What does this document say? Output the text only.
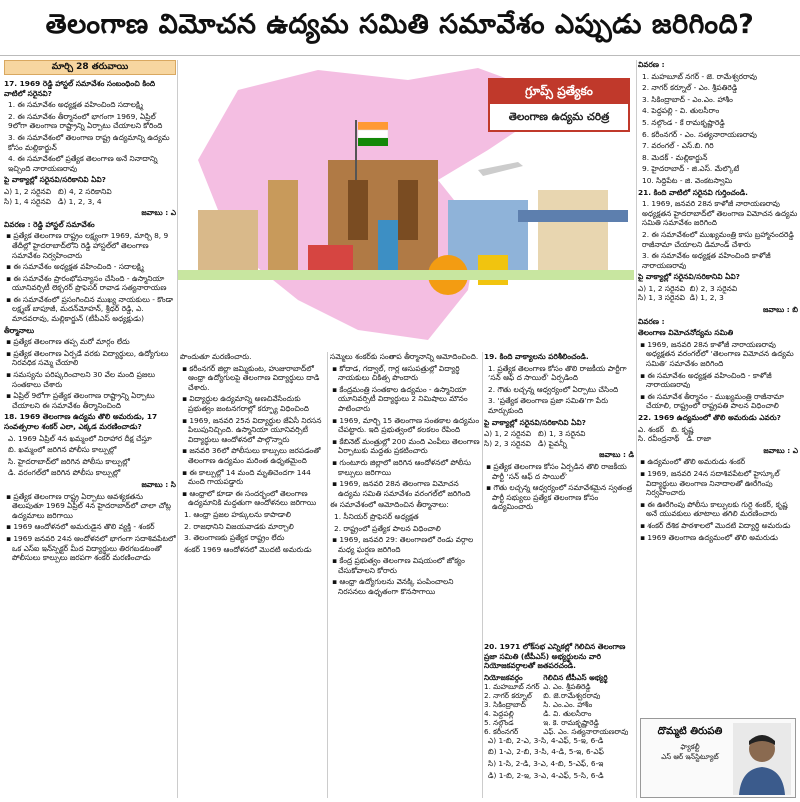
తెలంగాణ విమోచన ఉద్యమ సమితి సమావేశం ఎప్పుడు జరిగింది?
మార్చి 28 తరువాయి

17. 1969 రెడ్డి హాస్టల్ సమావేశం సంబంధించి కింది వాటిలో సరైనవి?

1. ఈ సమావేశం అధ్యక్షత వహించింది సదాలక్ష్మి

2. ఈ సమావేశం తీర్మానంలో భాగంగా 1969, ఏప్రిల్ 9లోగా తెలంగాణ రాష్ట్రాన్ని ఏర్పాటు చేయాలని కోరింది

3. ఈ సమావేశంలో తెలంగాణ రాష్ట్ర ఉద్యమాన్ని ఉద్యమ కోసం మల్లికార్జున్

4. ఈ సమావేశంలో ప్రత్యేక తెలంగాణ అనే నినాదాన్ని ఇచ్చింది నారాయణరావు

పై వాక్యాల్లో సరైనవి/సరికానివి ఏవి?

ఎ) 1, 2 సరైనవి బి) 4, 2 సరికానివి
సి) 1, 4 సరైనవి డి) 1, 2, 3, 4

జవాబు : ఎ

వివరణ : రెడ్డి హాస్టల్ సమావేశం

▪ ప్రత్యేక తెలంగాణ రాష్ట్రం లక్ష్యంగా 1969, మార్చి 8, 9 తేదీల్లో హైదరాబాద్‌లోని రెడ్డి హాస్టల్‌లో తెలంగాణ సమావేశం నిర్వహించారు

▪ ఈ సమావేశం అధ్యక్షత వహించింది - సదాలక్ష్మి

▪ ఈ సమావేశం ప్రారంభోపన్యాసం చేసింది - ఉస్మానియా యూనివర్సిటీ లెక్చరర్ ప్రొఫెసర్ రావాడ సత్యనారాయణ

▪ ఈ సమావేశంలో ప్రసంగించిన ముఖ్య నాయకులు - కొండా లక్ష్మణ్ బాపూజీ, మదన్‌మోహన్, శ్రీధర్ రెడ్డి, ఎ. మాదవరావు, మల్లికార్జున్ (టీపీఎస్ అధ్యక్షుడు)

తీర్మానాలు

▪ ప్రత్యేక తెలంగాణ తప్ప మరో మార్గం లేదు

▪ ప్రత్యేక తెలంగాణ ఏర్పడే వరకు విద్యార్థులు, ఉద్యోగులు నిరవధిక సమ్మె చేయాలి

▪ సమస్యను పరిష్కరించాలని 30 వేల మంది ప్రజలు సంతకాలు చేశారు

▪ ఏప్రిల్ 9లోగా ప్రత్యేక తెలంగాణ రాష్ట్రాన్ని ఏర్పాటు చేయాలని ఈ సమావేశం తీర్మానించింది

18. 1969 తెలంగాణ ఉద్యమ తొలి అమరుడు, 17 సంవత్సరాల శంకర్ ఎలా, ఎక్కడ మరణించాడు?

ఎ. 1969 ఏప్రిల్ 4న ఖమ్మంలో నిరాహార దీక్ష చేస్తూ

బి. ఖమ్మంలో జరిగిన పోలీసు కాల్పుల్లో

సి. హైదరాబాద్‌లో జరిగిన పోలీసు కాల్పుల్లో

డి. వరంగల్‌లో జరిగిన పోలీసు కాల్పుల్లో

జవాబు : సి

▪ ప్రత్యేక తెలంగాణ రాష్ట్ర ఏర్పాటు ఆవశ్యకతను తెలుపుతూ 1969 ఏప్రిల్ 4న హైదరాబాద్‌లో చాలా చోట్ల ఉద్యమాలు జరిగాయి

▪ 1969 ఆందోళనలో అమరుడైన తొలి వ్యక్తి - శంకర్

▪ 1969 జనవరి 24న ఆందోళనలో భాగంగా సదాశివపేటలో ఒక ఎస్‌ఐ ఇన్‌స్పెక్టర్ మీద విద్యార్థులు తిరగబడటంతో పోలీసులు కాల్పులు జరపగా శంకర్ మరణించాడు

గ్రూప్స్ ప్రత్యేకం
తెలంగాణ ఉద్యమ చరిత్ర

పొందుతూ మరణించారు.

▪ కరీంనగర్ జిల్లా జమ్మికుంట, హుజురాబాద్‌లో ఆంధ్రా ఉద్యోగులపై తెలంగాణ విద్యార్థులు దాడి చేశారు.

▪ విద్యార్థుల ఉద్యమాన్ని అణచివేసేందుకు ప్రభుత్వం జంటనగరాల్లో కర్ఫ్యూ విధించింది

▪ 1969, జనవరి 25న విద్యార్థుల జేఏసీ నిరసన పిలుపునిచ్చింది. ఉస్మానియా యూనివర్సిటీ విద్యార్థులు ఆందోళనలో పాల్గొన్నారు

▪ జనవరి 36లో పోలీసులు కాల్పులు జరపడంతో తెలంగాణ ఉద్యమం మరింత ఉధృతమైంది

▪ ఈ కాల్పుల్లో 14 మంది మృతిచెందగా 144 మంది గాయపడ్డారు

▪ ఆంధ్రాలో కూడా ఈ సందర్భంలో తెలంగాణ ఉద్యమానికి మద్దతుగా ఆందోళనలు జరిగాయి

1. ఆంధ్రా ప్రజల హక్కులను కాపాడాలి

2. రాజధానిని విజయవాడకు మార్చాలి

3. తెలంగాణకు ప్రత్యేక రాష్ట్రం లేదు

శంకర్ 1969 ఆందోళనలో మొదటి అమరుడు

సమ్మెలు శంకర్‌కు సంతాప తీర్మానాన్ని ఆమోదించింది.

▪ కోదాడ, గద్వాల్, గార్ల ఆసుపత్రుల్లో విద్యార్థి నాయకులు చికిత్స పొందారు

▪ కేంద్రమంత్రి సంతకాల ఉద్యమం - ఉస్మానియా యూనివర్సిటీ విద్యార్థులు 2 నిమిషాలు మౌనం పాటించారు

▪ 1969, మార్చి 15 తెలంగాణ సంతకాల ఉద్యమం చేపట్టారు. ఇది ప్రభుత్వంలో కలకలం రేపింది

▪ కేబినెట్ మంత్రుల్లో 200 మంది ఎంపీలు తెలంగాణ ఏర్పాటుకు మద్దతు ప్రకటించారు

▪ గుంటూరు జిల్లాలో జరిగిన ఆందోళనలో పోలీసు కాల్పులు జరిగాయి

▪ 1969, జనవరి 28న తెలంగాణ విమోచన ఉద్యమ సమితి సమావేశం వరంగల్‌లో జరిగింది

ఈ సమావేశంలో ఆమోదించిన తీర్మానాలు:

1. సీనియర్ ప్రొఫెసర్ అధ్యక్షత

2. రాష్ట్రంలో ప్రత్యేక పాలన విధించాలి

▪ 1969, జనవరి 29: తెలంగాణలో రెండు వర్గాల మధ్య ఘర్షణ జరిగింది

▪ కేంద్ర ప్రభుత్వం తెలంగాణ విషయంలో జోక్యం చేసుకోవాలని కోరారు

▪ ఆంధ్రా ఉద్యోగులను వెనక్కి పంపించాలని నిరసనలు ఉధృతంగా కొనసాగాయి

19. కింది వాక్యాలను పరిశీలించండి.

1. ప్రత్యేక తెలంగాణ కోసం తొలి రాజకీయ పార్టీగా ‘సన్ ఆఫ్ ద సాయిల్’ ఏర్పడింది

2. గౌతు లచ్చన్న ఆధ్వర్యంలో ఏర్పాటు చేసింది

3. ‘ప్రత్యేక తెలంగాణ ప్రజా సమితి’గా పేరు మార్చుకుంది

పై వాక్యాల్లో సరైనవి/సరికానివి ఏవి?

ఎ) 1, 2 సరైనవి బి) 1, 3 సరైనవి
సి) 2, 3 సరైనవి డి) పైవన్నీ

జవాబు : డి

▪ ప్రత్యేక తెలంగాణ కోసం ఏర్పడిన తొలి రాజకీయ పార్టీ ‘సన్ ఆఫ్ ద సాయిల్’

▪ గౌతు లచ్చన్న ఆధ్వర్యంలో సమావేశమైన స్వతంత్ర పార్టీ సభ్యులు ప్రత్యేక తెలంగాణ కోసం ఉద్యమించారు

20. 1971 లోక్‌సభ ఎన్నికల్లో గెలిచిన తెలంగాణ ప్రజా సమితి (టీపీఎస్) అభ్యర్థులను వారి నియోజకవర్గాలతో జతపరచండి.

నియోజకవర్గం	గెలిచిన టీపీఎస్ అభ్యర్థి
1. మహబూబ్ నగర్	ఎ. ఎం. శ్రీపతిరెడ్డి
2. నాగర్ కర్నూల్	బి. జె.రామేశ్వరరావు
3. సికింద్రాబాద్	సి. ఎం.ఎం. హాశీం
4. పెద్దపల్లి	డి. వి. తులసీరాం
5. నల్గొండ	ఇ. కె. రామకృష్ణారెడ్డి
6. కరీంనగర్	ఎఫ్. ఎం. సత్యనారాయణరావు

ఎ) 1-బి, 2-ఎ, 3-సి, 4-ఎఫ్, 5-ఇ, 6-డి

బి) 1-ఎ, 2-బి, 3-సి, 4-డి, 5-ఇ, 6-ఎఫ్

సి) 1-సి, 2-డి, 3-ఎ, 4-బి, 5-ఎఫ్, 6-ఇ

డి) 1-బి, 2-ఇ, 3-ఎ, 4-ఎఫ్, 5-సి, 6-డి

వివరణ :

1. మహబూబ్ నగర్ - జె. రామేశ్వరరావు

2. నాగర్ కర్నూల్ - ఎం. శ్రీపతిరెడ్డి

3. సికింద్రాబాద్ - ఎం.ఎం. హాశీం

4. పెద్దపల్లి - వి. తులసీరాం

5. నల్గొండ - కే రామకృష్ణారెడ్డి

6. కరీంనగర్ - ఎం. సత్యనారాయణరావు

7. వరంగల్ - ఎస్.బి. గిరి

8. మెదక్ - మల్లికార్జున్

9. హైదరాబాద్ - జి.ఎస్. మేల్కొటే

10. సిద్దిపేట - జి. వెంకటస్వామి

21. కింది వాటిలో సరైనవి గుర్తించండి.

1. 1969, జనవరి 28న కాళోజీ నారాయణరావు అధ్యక్షతన హైదరాబాద్‌లో తెలంగాణ విమోచన ఉద్యమ సమితి సమావేశం జరిగింది

2. ఈ సమావేశంలో ముఖ్యమంత్రి కాసు బ్రహ్మానందరెడ్డి రాజీనామా చేయాలని డిమాండ్ చేశారు

3. ఈ సమావేశం అధ్యక్షత వహించింది కాళోజీ నారాయణరావు

పై వాక్యాల్లో సరైనవి/సరికానివి ఏవి?

ఎ) 1, 2 సరైనవి బి) 2, 3 సరైనవి
సి) 1, 3 సరైనవి డి) 1, 2, 3

జవాబు : బి

వివరణ :

తెలంగాణ విమోచనోద్యమ సమితి

▪ 1969, జనవరి 28న కాళోజీ నారాయణరావు అధ్యక్షతన వరంగల్‌లో ‘తెలంగాణ విమోచన ఉద్యమ సమితి’ సమావేశం జరిగింది

▪ ఈ సమావేశం అధ్యక్షత వహించింది - కాళోజీ నారాయణరావు

▪ ఈ సమావేశ తీర్మానం - ముఖ్యమంత్రి రాజీనామా చేయాలి, రాష్ట్రంలో రాష్ట్రపతి పాలన విధించాలి

22. 1969 ఉద్యమంలో తొలి అమరుడు ఎవరు?

ఎ. శంకర్ బి. కృష్ణ
సి. రవీంద్రనాథ్ డి. రాజా

జవాబు : ఎ

▪ ఉద్యమంలో తొలి అమరుడు శంకర్

▪ 1969, జనవరి 24న సదాశివపేటలో హైస్కూల్ విద్యార్థులు తెలంగాణ నినాదాలతో ఊరేగింపు నిర్వహించారు

▪ ఈ ఊరేగింపు పోలీసు కాల్పులకు గురై శంకర్, కృష్ణ అనే యువకులు తూటాలు తగిలి మరణించారు

▪ శంకర్ దేశిక పాఠశాలలో మొదటి విద్యార్థి అమరుడు

▪ 1969 తెలంగాణ ఉద్యమంలో తొలి అమరుడు

దొమ్మటి తిరుపతి
ఫ్యాకల్టీ
ఎస్ ఆర్ ఇన్‌స్టిట్యూట్
